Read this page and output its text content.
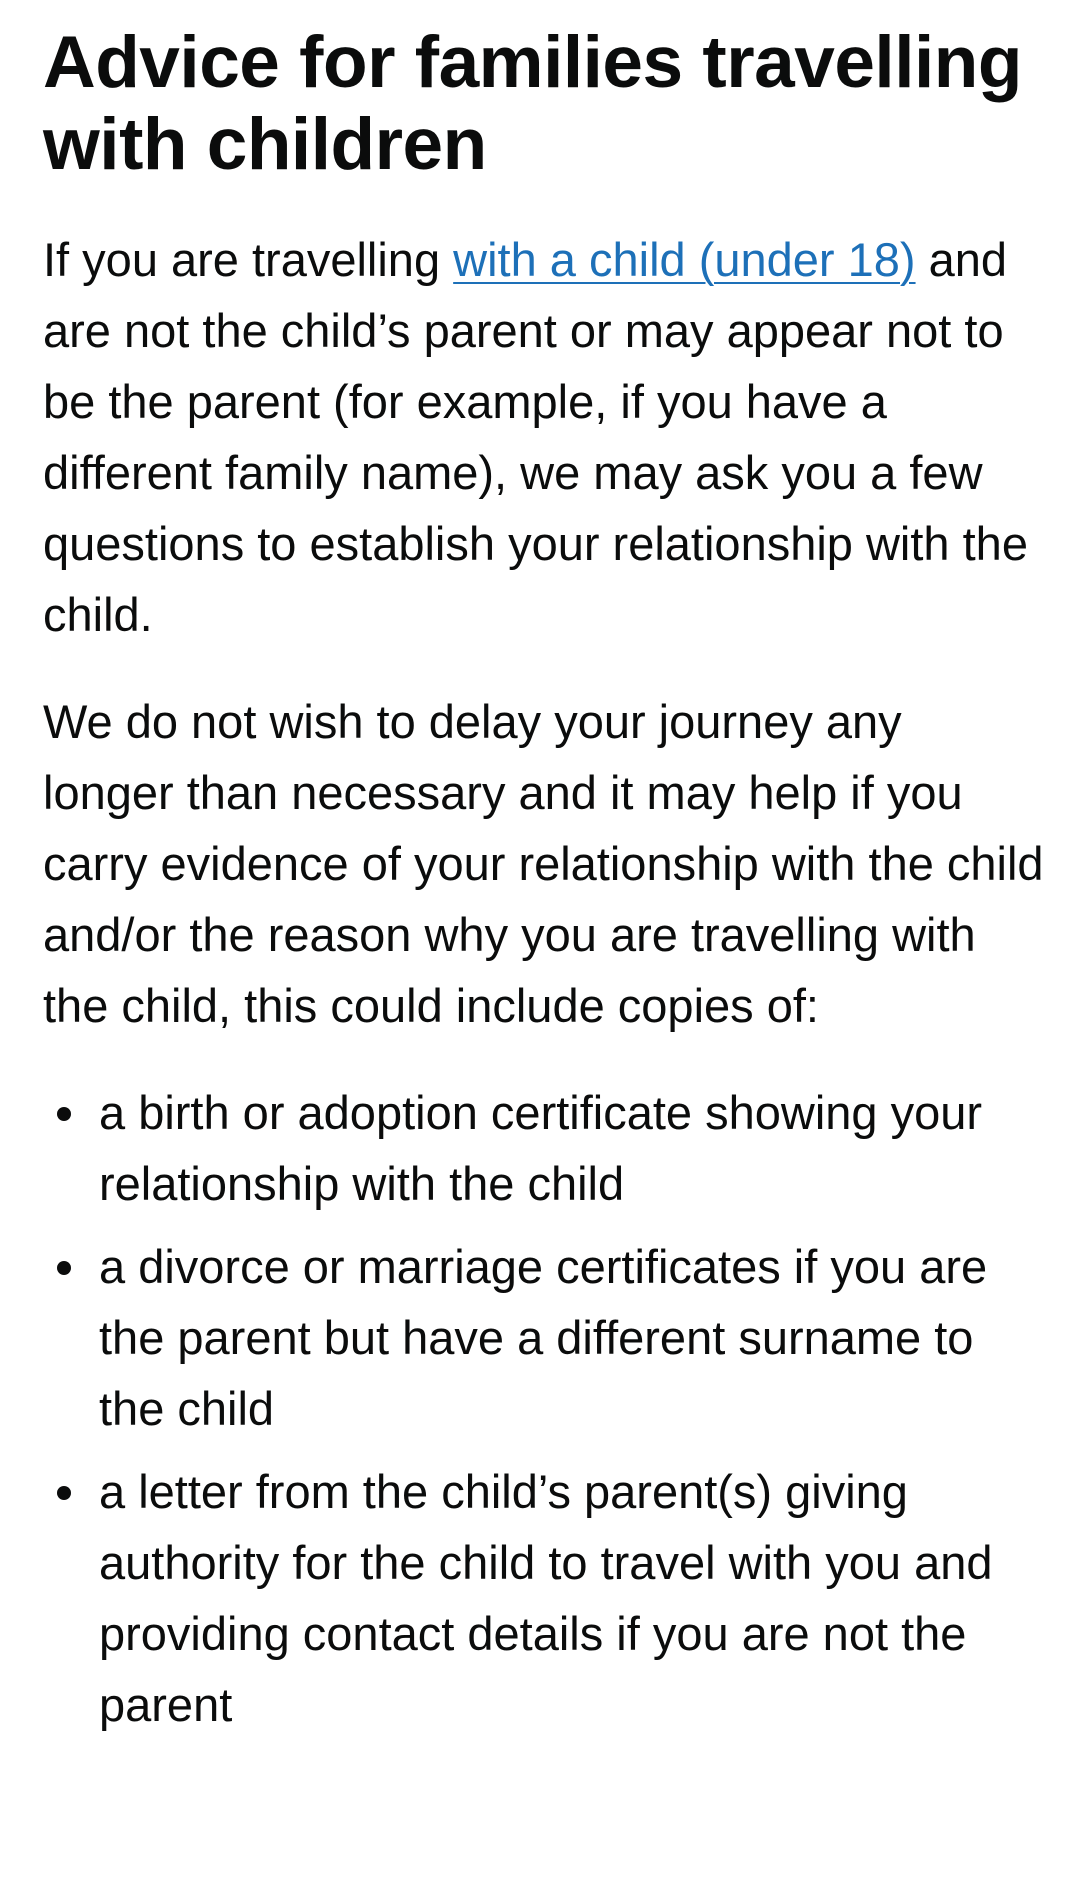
Advice for families travelling with children

If you are travelling with a child (under 18) and are not the child’s parent or may appear not to be the parent (for example, if you have a different family name), we may ask you a few questions to establish your relationship with the child.

We do not wish to delay your journey any longer than necessary and it may help if you carry evidence of your relationship with the child and/or the reason why you are travelling with the child, this could include copies of:

a birth or adoption certificate showing your relationship with the child
a divorce or marriage certificates if you are the parent but have a different surname to the child
a letter from the child’s parent(s) giving authority for the child to travel with you and providing contact details if you are not the parent
